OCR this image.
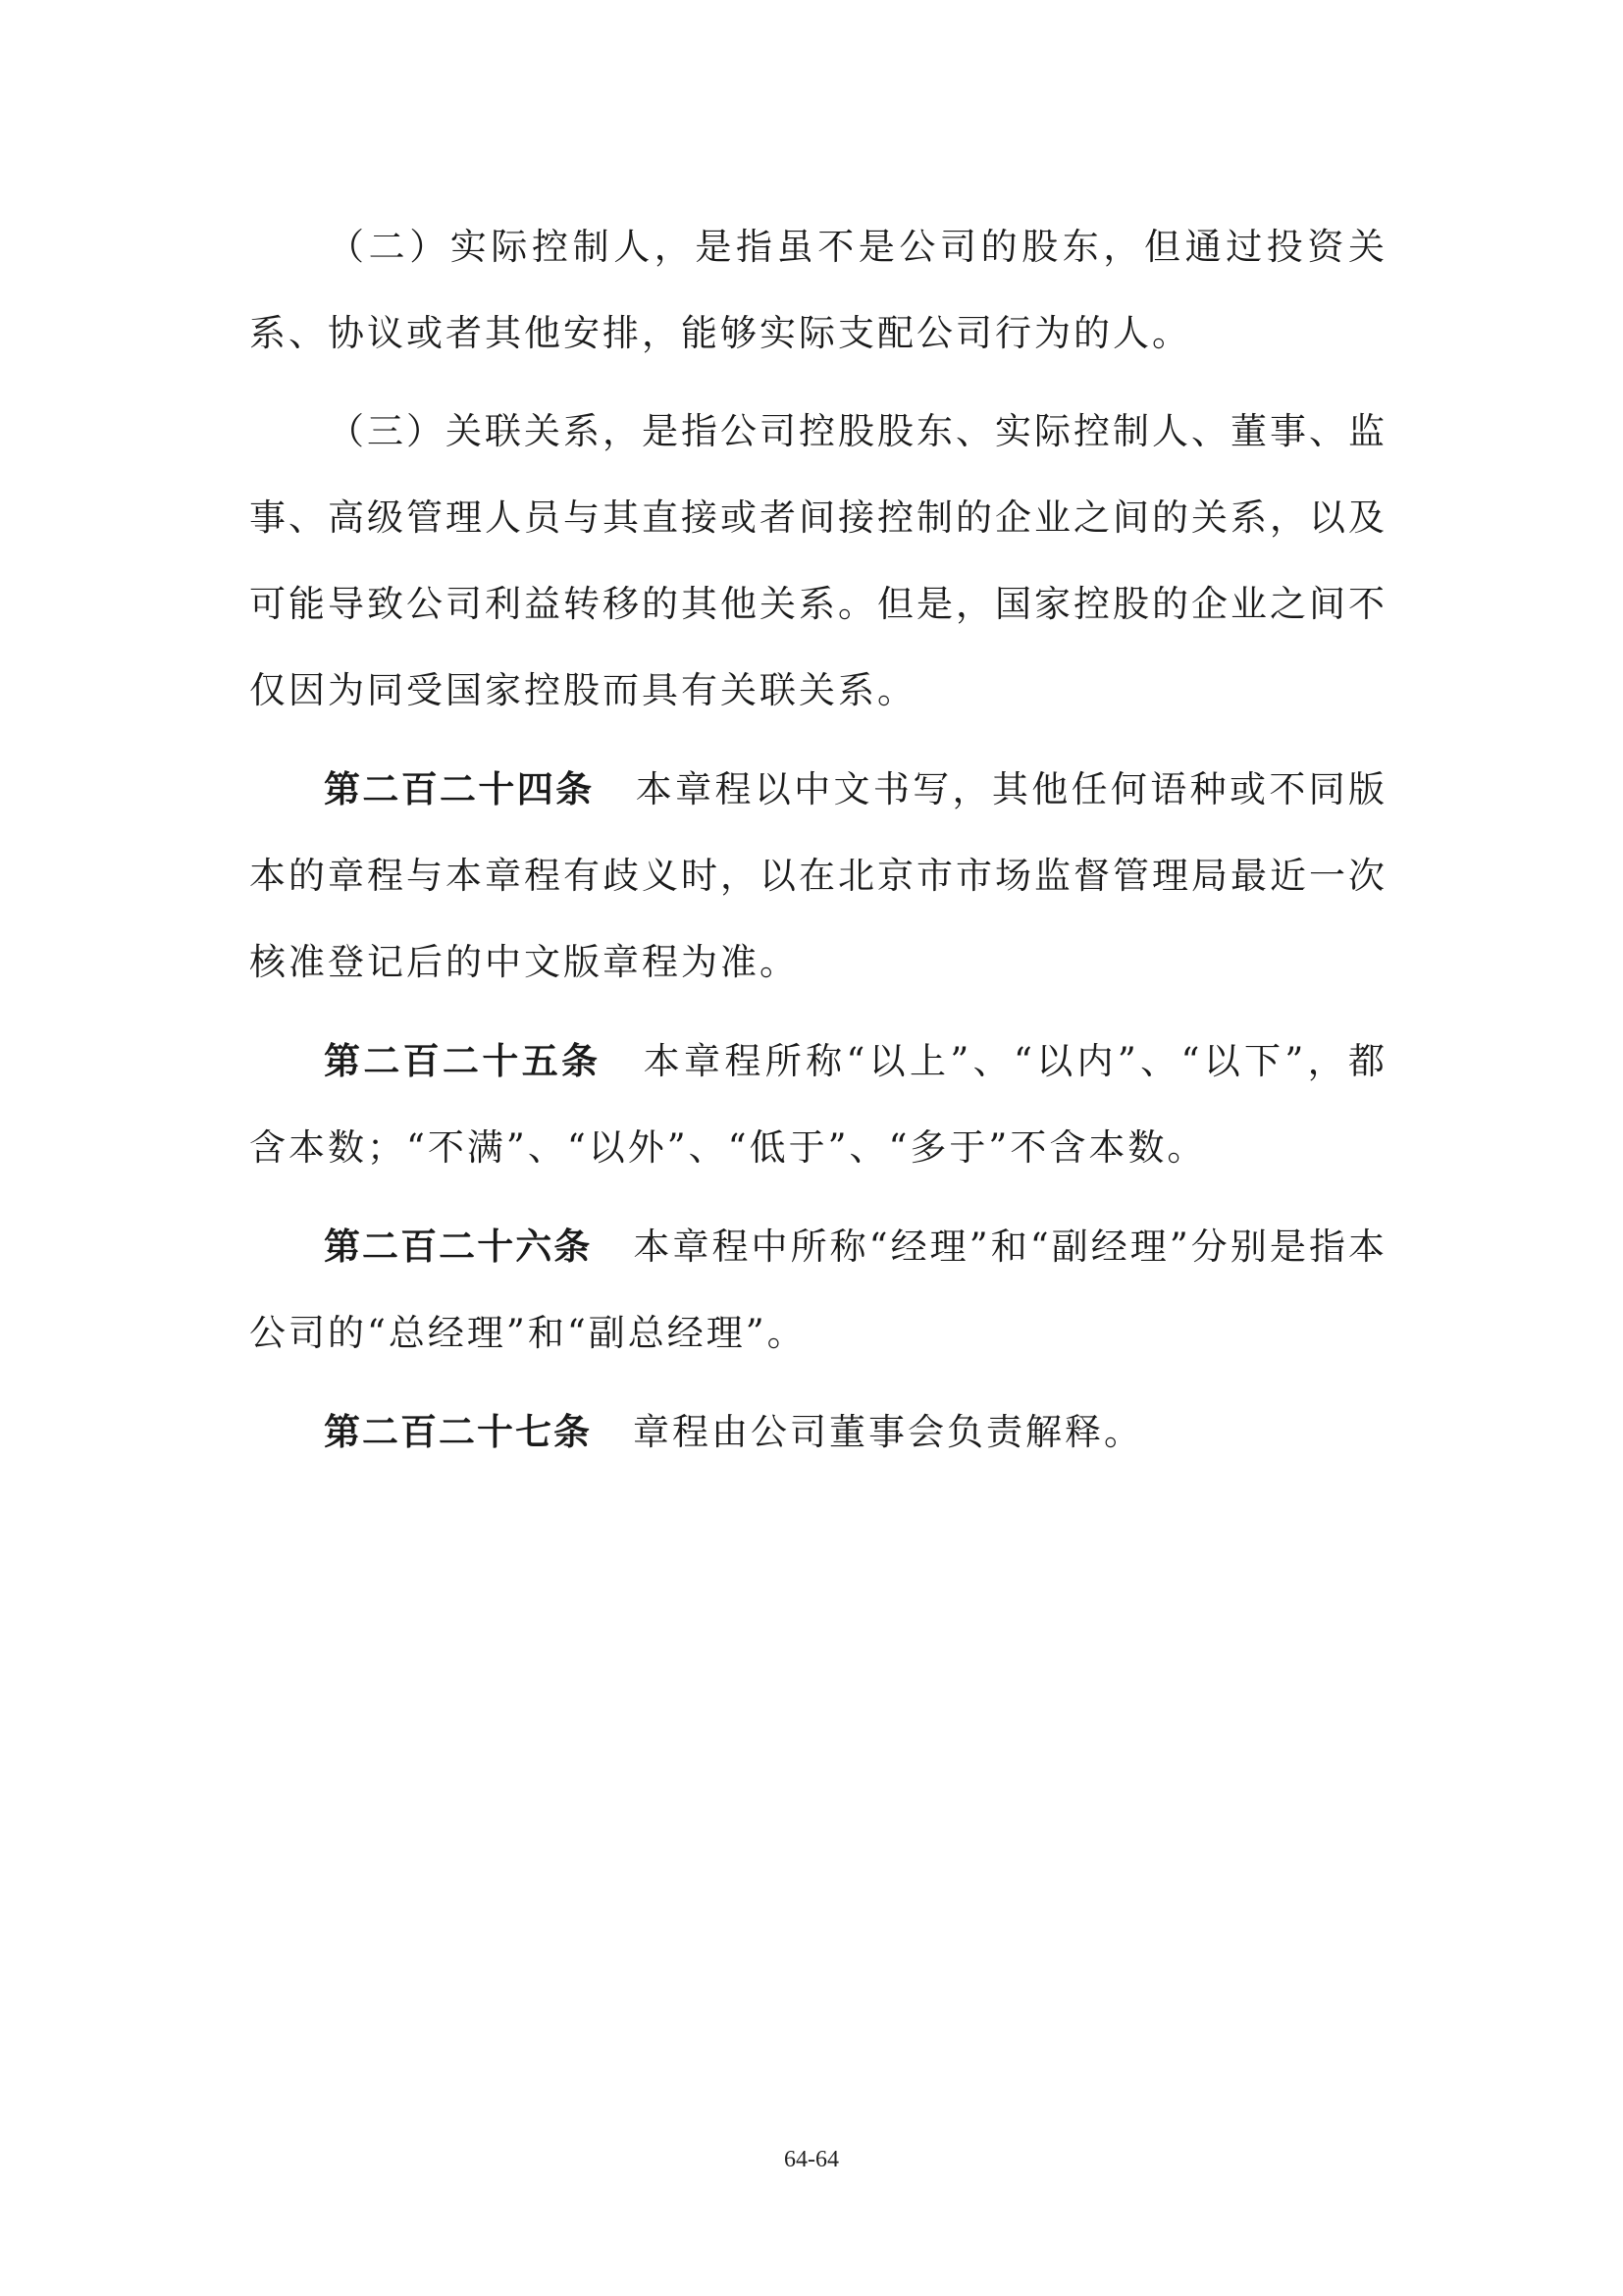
（二）实际控制人，是指虽不是公司的股东，但通过投资关系、协议或者其他安排，能够实际支配公司行为的人。

（三）关联关系，是指公司控股股东、实际控制人、董事、监事、高级管理人员与其直接或者间接控制的企业之间的关系，以及可能导致公司利益转移的其他关系。但是，国家控股的企业之间不仅因为同受国家控股而具有关联关系。

第二百二十四条 本章程以中文书写，其他任何语种或不同版本的章程与本章程有歧义时，以在北京市市场监督管理局最近一次核准登记后的中文版章程为准。

第二百二十五条 本章程所称“以上”、“以内”、“以下”，都含本数；“不满”、“以外”、“低于”、“多于”不含本数。

第二百二十六条 本章程中所称“经理”和“副经理”分别是指本公司的“总经理”和“副总经理”。

第二百二十七条 章程由公司董事会负责解释。

64-64
